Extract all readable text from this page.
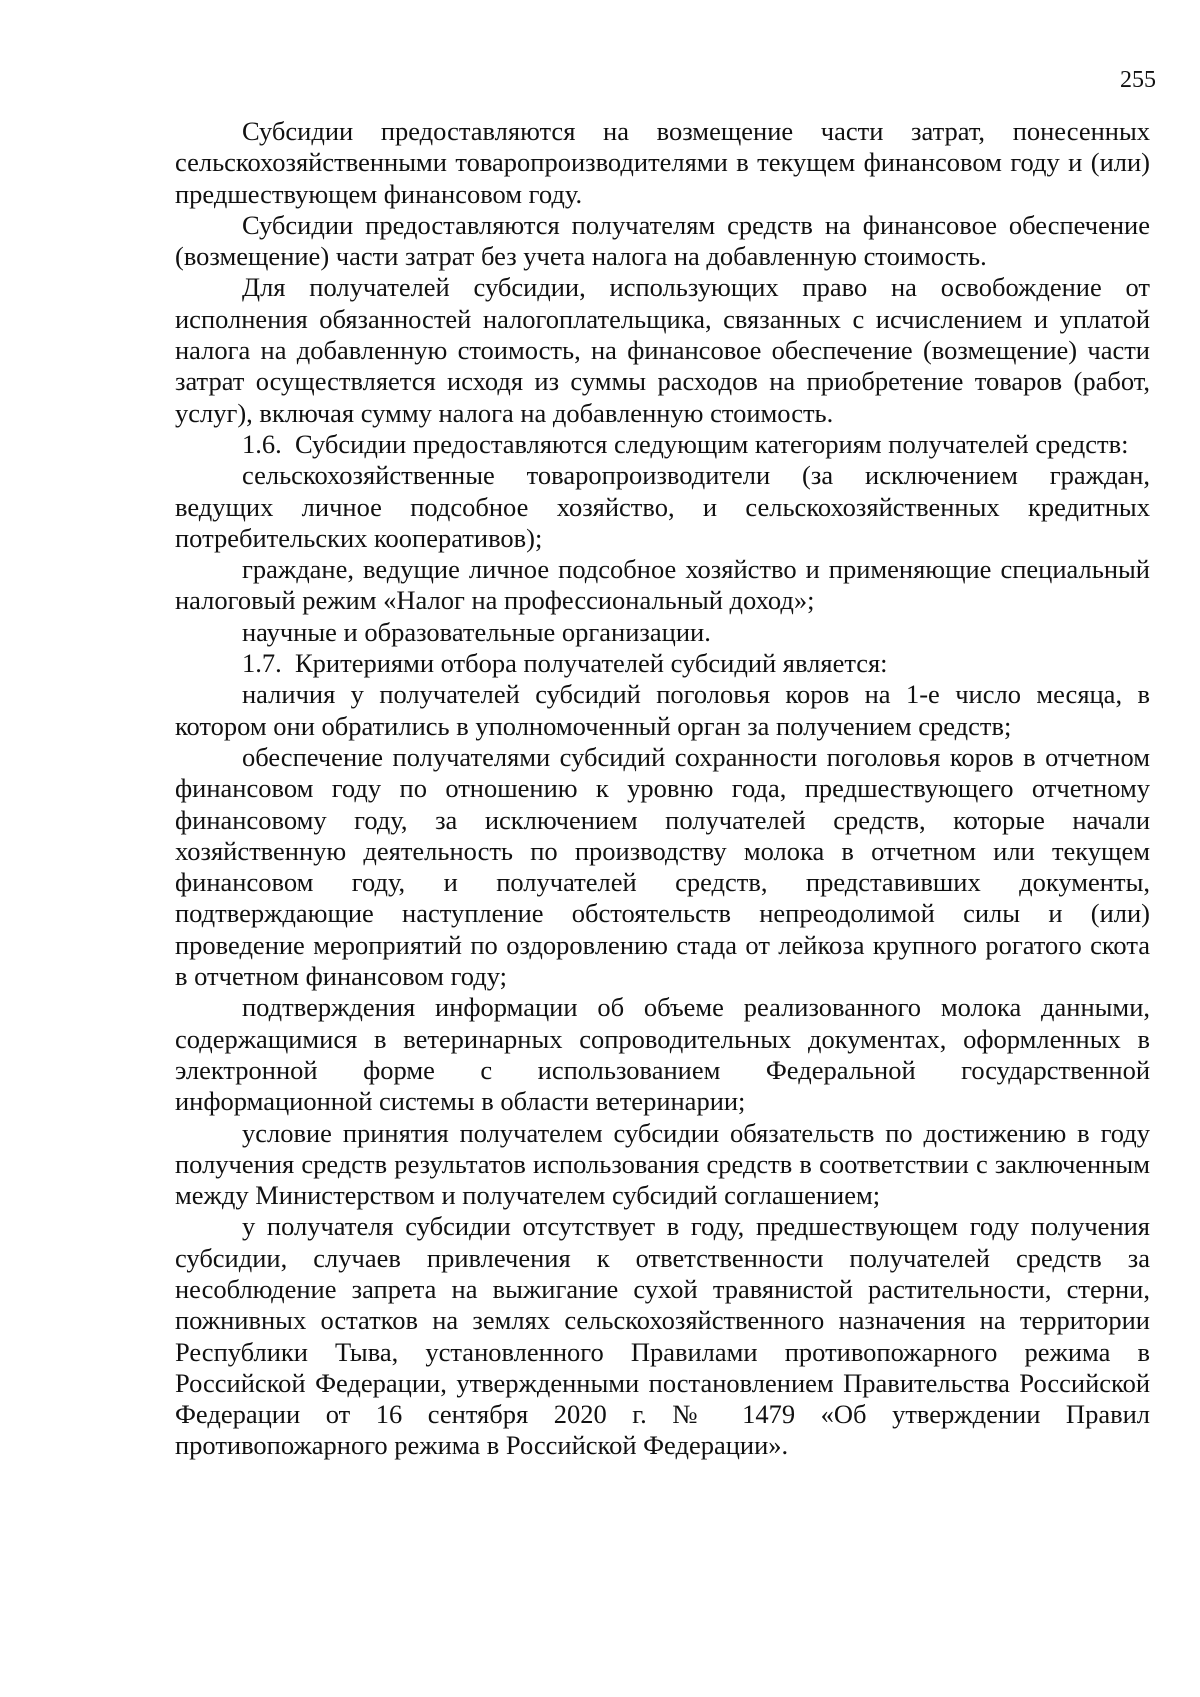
255

Субсидии предоставляются на возмещение части затрат, понесенных сельскохозяйственными товаропроизводителями в текущем финансовом году и (или) предшествующем финансовом году.

Субсидии предоставляются получателям средств на финансовое обеспечение (возмещение) части затрат без учета налога на добавленную стоимость.

Для получателей субсидии, использующих право на освобождение от исполнения обязанностей налогоплательщика, связанных с исчислением и уплатой налога на добавленную стоимость, на финансовое обеспечение (возмещение) части затрат осуществляется исходя из суммы расходов на приобретение товаров (работ, услуг), включая сумму налога на добавленную стоимость.

1.6.  Субсидии предоставляются следующим категориям получателей средств:

сельскохозяйственные товаропроизводители (за исключением граждан, ведущих личное подсобное хозяйство, и сельскохозяйственных кредитных потребительских кооперативов);

граждане, ведущие личное подсобное хозяйство и применяющие специальный налоговый режим «Налог на профессиональный доход»;

научные и образовательные организации.

1.7.  Критериями отбора получателей субсидий является:

наличия у получателей субсидий поголовья коров на 1-е число месяца, в котором они обратились в уполномоченный орган за получением средств;

обеспечение получателями субсидий сохранности поголовья коров в отчетном финансовом году по отношению к уровню года, предшествующего отчетному финансовому году, за исключением получателей средств, которые начали хозяйственную деятельность по производству молока в отчетном или текущем финансовом году, и получателей средств, представивших документы, подтверждающие наступление обстоятельств непреодолимой силы и (или) проведение мероприятий по оздоровлению стада от лейкоза крупного рогатого скота в отчетном финансовом году;

подтверждения информации об объеме реализованного молока данными, содержащимися в ветеринарных сопроводительных документах, оформленных в электронной форме с использованием Федеральной государственной информационной системы в области ветеринарии;

условие принятия получателем субсидии обязательств по достижению в году получения средств результатов использования средств в соответствии с заключенным между Министерством и получателем субсидий соглашением;

у получателя субсидии отсутствует в году, предшествующем году получения субсидии, случаев привлечения к ответственности получателей средств за несоблюдение запрета на выжигание сухой травянистой растительности, стерни, пожнивных остатков на землях сельскохозяйственного назначения на территории Республики Тыва, установленного Правилами противопожарного режима в Российской Федерации, утвержденными постановлением Правительства Российской Федерации от 16 сентября 2020 г. № 1479 «Об утверждении Правил противопожарного режима в Российской Федерации».
